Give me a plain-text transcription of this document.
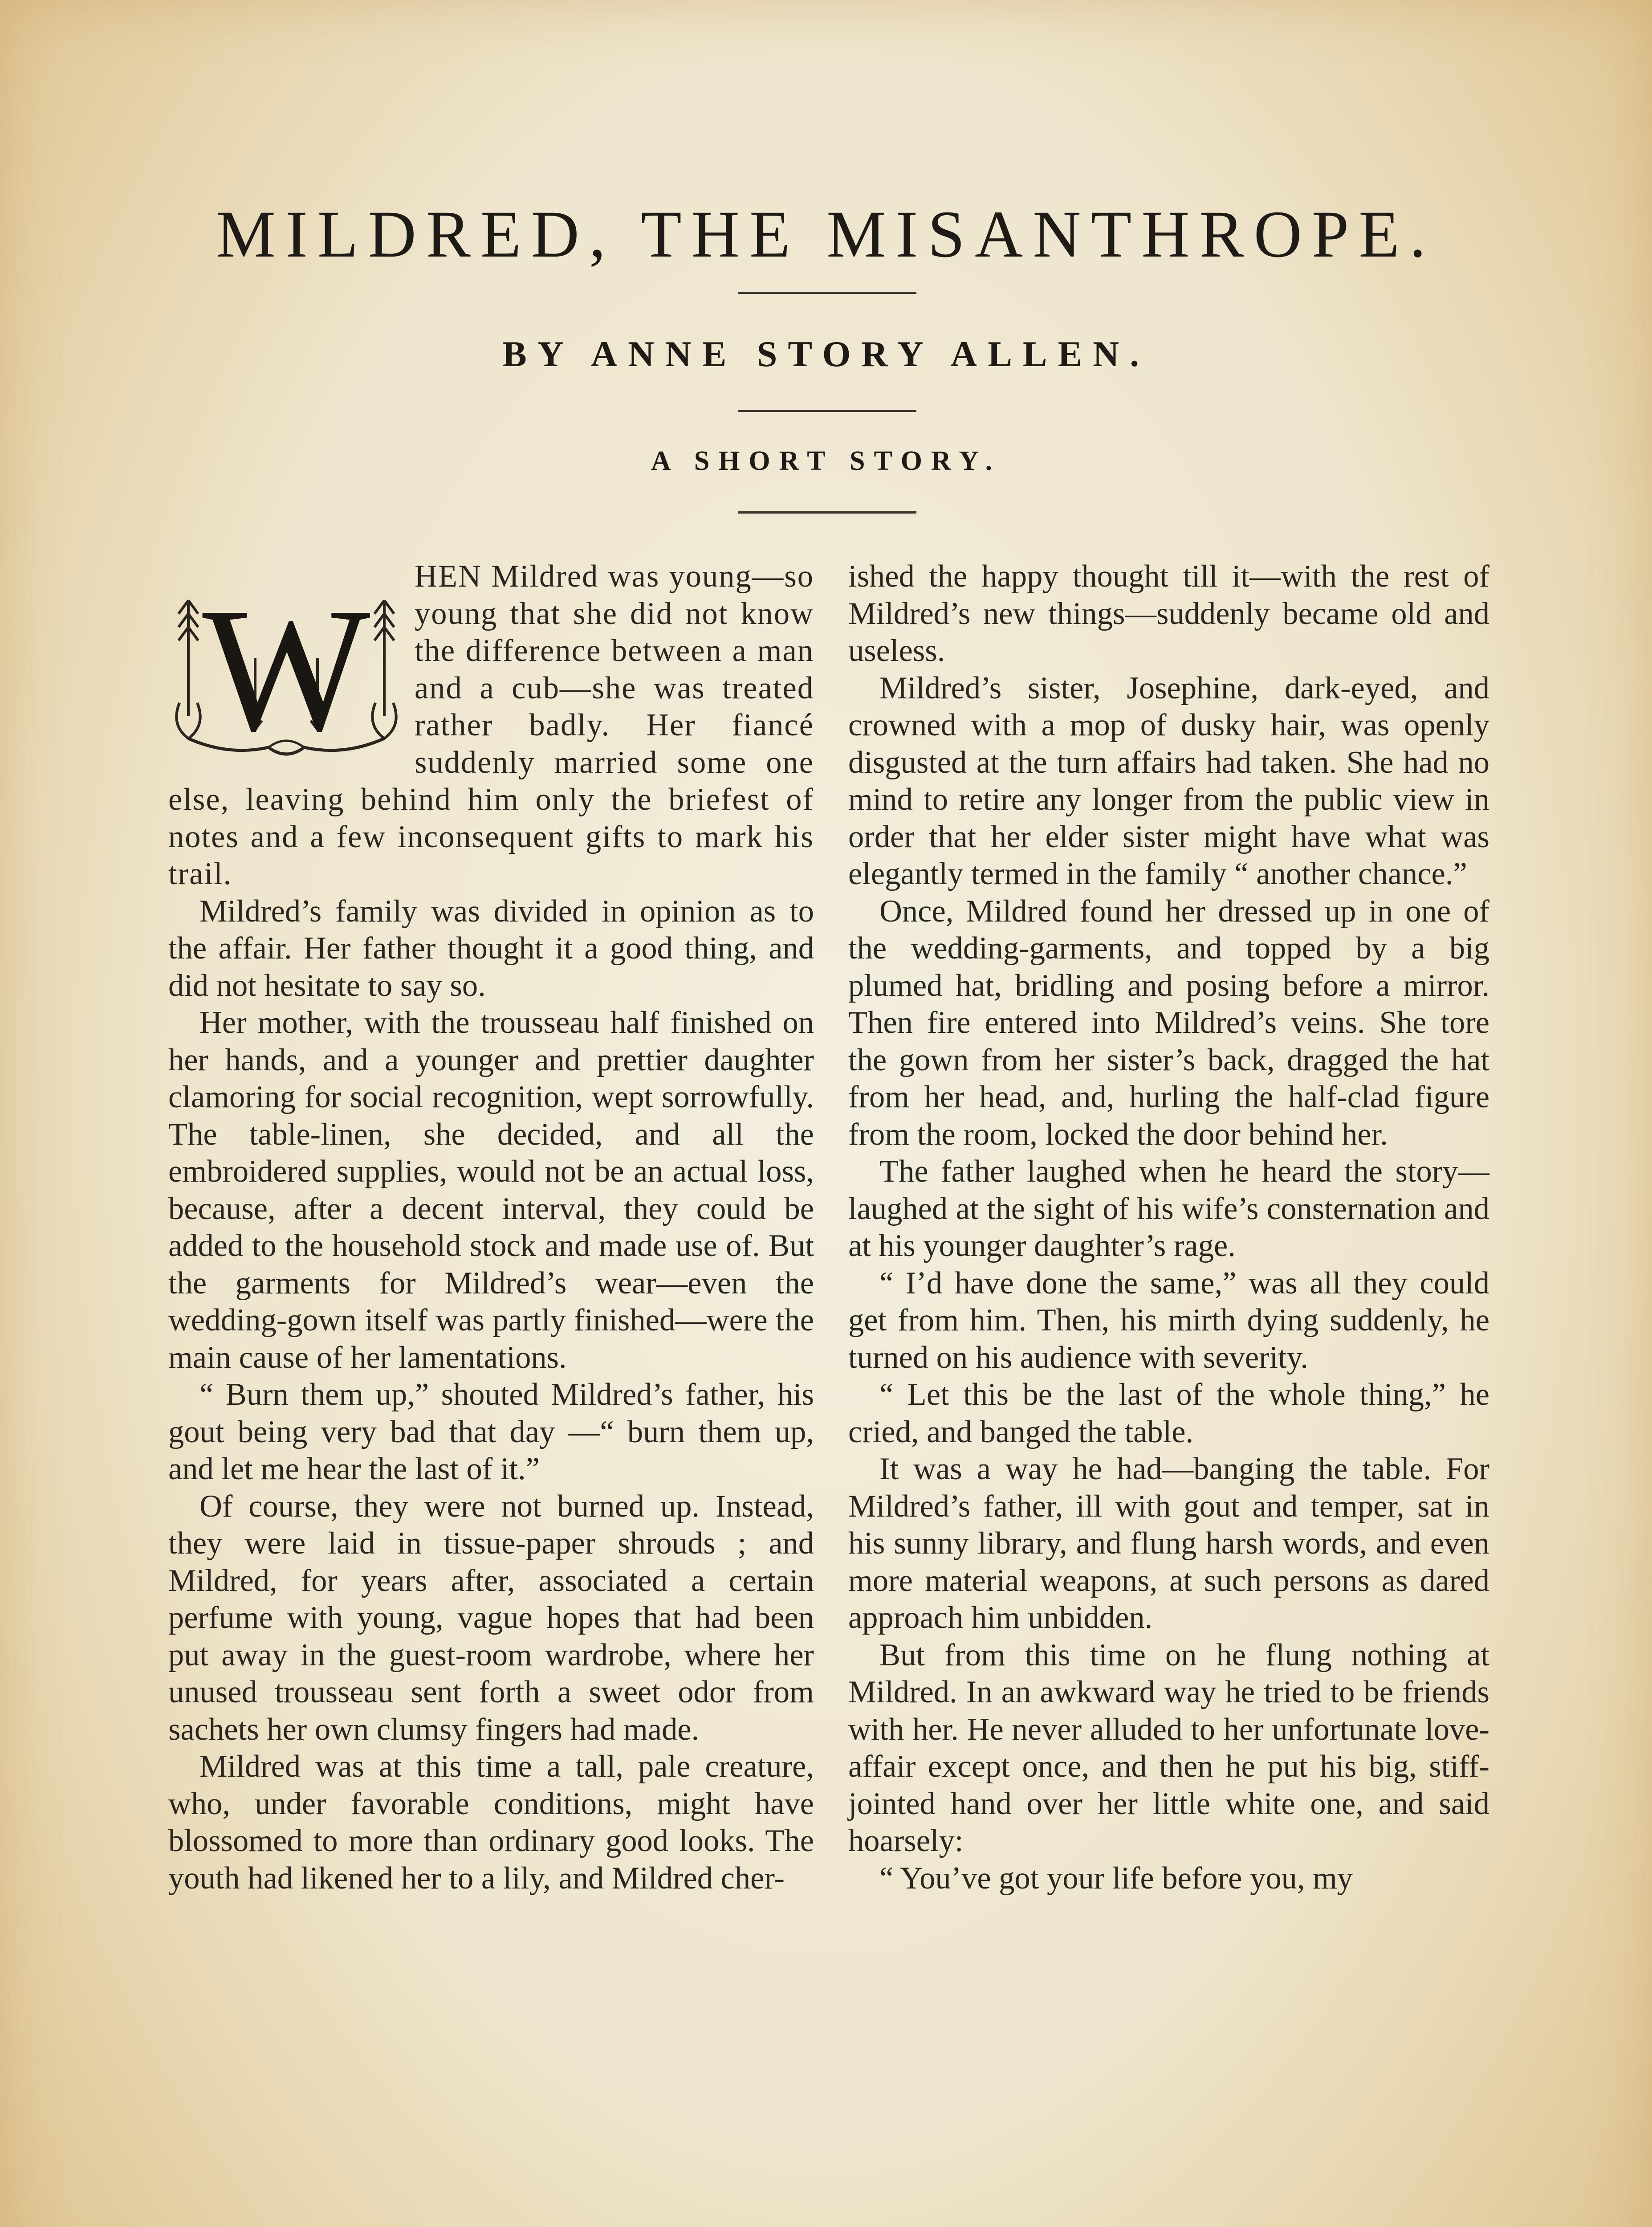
MILDRED, THE MISANTHROPE.
BY ANNE STORY ALLEN.
A SHORT STORY.
W	HEN Mildred was young—so young that she did not know the difference between a man and a cub—she was treated rather badly. Her fiancé suddenly married some one else, leaving behind him only the briefest of notes and a few inconsequent gifts to mark his trail.

Mildred’s family was divided in opinion as to the affair. Her father thought it a good thing, and did not hesitate to say so.

Her mother, with the trousseau half finished on her hands, and a younger and prettier daughter clamoring for social recognition, wept sorrowfully. The table-linen, she decided, and all the embroidered supplies, would not be an actual loss, because, after a decent interval, they could be added to the household stock and made use of. But the garments for Mildred’s wear—even the wedding-gown itself was partly finished—were the main cause of her lamentations.

“ Burn them up,” shouted Mildred’s father, his gout being very bad that day —“ burn them up, and let me hear the last of it.”

Of course, they were not burned up. Instead, they were laid in tissue-paper shrouds ; and Mildred, for years after, associated a certain perfume with young, vague hopes that had been put away in the guest-room wardrobe, where her unused trousseau sent forth a sweet odor from sachets her own clumsy fingers had made.

Mildred was at this time a tall, pale creature, who, under favorable conditions, might have blossomed to more than ordinary good looks. The youth had likened her to a lily, and Mildred cher-

ished the happy thought till it—with the rest of Mildred’s new things—suddenly became old and useless.

Mildred’s sister, Josephine, dark-eyed, and crowned with a mop of dusky hair, was openly disgusted at the turn affairs had taken. She had no mind to retire any longer from the public view in order that her elder sister might have what was elegantly termed in the family “ another chance.”

Once, Mildred found her dressed up in one of the wedding-garments, and topped by a big plumed hat, bridling and posing before a mirror. Then fire entered into Mildred’s veins. She tore the gown from her sister’s back, dragged the hat from her head, and, hurling the half-clad figure from the room, locked the door behind her.

The father laughed when he heard the story—laughed at the sight of his wife’s consternation and at his younger daughter’s rage.

“ I’d have done the same,” was all they could get from him. Then, his mirth dying suddenly, he turned on his audience with severity.

“ Let this be the last of the whole thing,” he cried, and banged the table.

It was a way he had—banging the table. For Mildred’s father, ill with gout and temper, sat in his sunny library, and flung harsh words, and even more material weapons, at such persons as dared approach him unbidden.

But from this time on he flung nothing at Mildred. In an awkward way he tried to be friends with her. He never alluded to her unfortunate love-affair except once, and then he put his big, stiff-jointed hand over her little white one, and said hoarsely:

“ You’ve got your life before you, my
